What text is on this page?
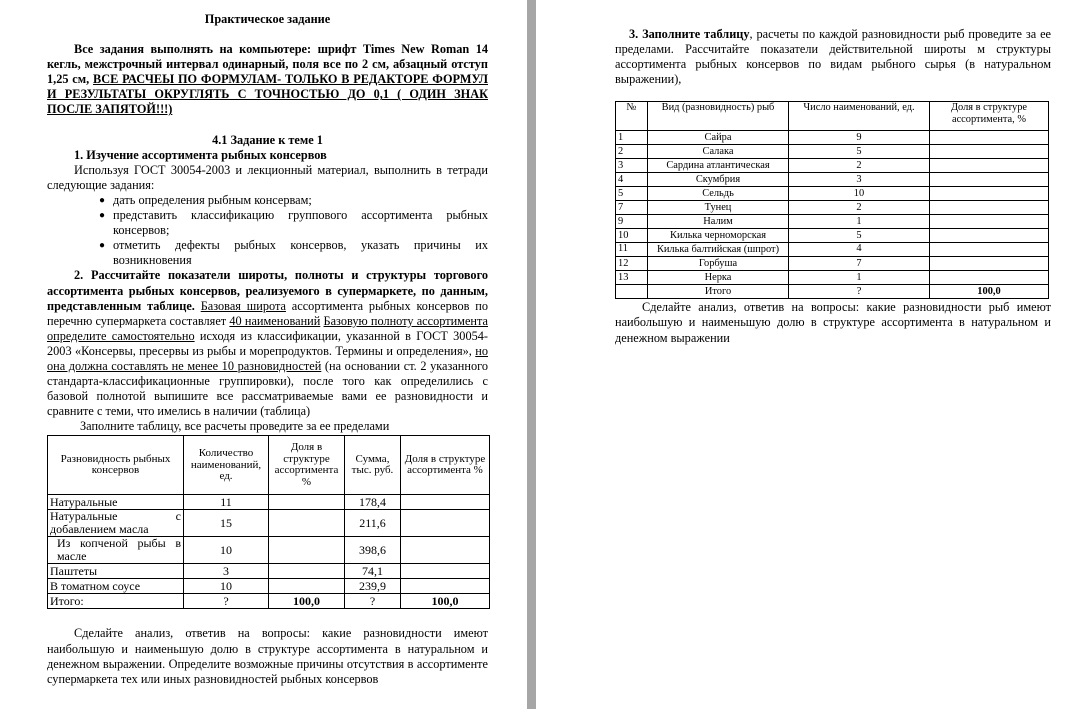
Практическое задание

Все задания выполнять на компьютере: шрифт Times New Roman 14 кегль, межстрочный интервал одинарный, поля все по 2 см, абзацный отступ 1,25 см, ВСЕ РАСЧЕЫ ПО ФОРМУЛАМ- ТОЛЬКО В РЕДАКТОРЕ ФОРМУЛ И РЕЗУЛЬТАТЫ ОКРУГЛЯТЬ С ТОЧНОСТЬЮ ДО 0,1 ( ОДИН ЗНАК ПОСЛЕ ЗАПЯТОЙ!!!)

4.1 Задание к теме 1

1. Изучение ассортимента рыбных консервов

Используя ГОСТ 30054-2003 и лекционный материал, выполнить в тетради следующие задания:

● дать определения рыбным консервам;
● представить классификацию группового ассортимента рыбных консервов;
● отметить дефекты рыбных консервов, указать причины их возникновения

2. Рассчитайте показатели широты, полноты и структуры торгового ассортимента рыбных консервов, реализуемого в супермаркете, по данным, представленным таблице. Базовая широта ассортимента рыбных консервов по перечню супермаркета составляет 40 наименований Базовую полноту ассортимента определите самостоятельно исходя из классификации, указанной в ГОСТ 30054-2003 «Консервы, пресервы из рыбы и морепродуктов. Термины и определения», но она должна составлять не менее 10 разновидностей (на основании ст. 2 указанного стандарта-классификационные группировки), после того как определились с базовой полнотой выпишите все рассматриваемые вами ее разновидности и сравните с теми, что имелись в наличии (таблица)

Заполните таблицу, все расчеты проведите за ее пределами

Разновидность рыбных консервов	Количество наименований, ед.	Доля в структуре ассортимента %	Сумма, тыс. руб.	Доля в структуре ассортимента %
Натуральные	11		178,4	
Натуральные с добавлением масла	15		211,6	
Из копченой рыбы в масле	10		398,6	
Паштеты	3		74,1	
В томатном соусе	10		239,9	
Итого:	?	100,0	?	100,0

Сделайте анализ, ответив на вопросы: какие разновидности имеют наибольшую и наименьшую долю в структуре ассортимента в натуральном и денежном выражении. Определите возможные причины отсутствия в ассортименте супермаркета тех или иных разновидностей рыбных консервов

3. Заполните таблицу, расчеты по каждой разновидности рыб проведите за ее пределами. Рассчитайте показатели действительной широты м структуры ассортимента рыбных консервов по видам рыбного сырья (в натуральном выражении),

№	Вид (разновидность) рыб	Число наименований, ед.	Доля в структуре ассортимента, %
1	Сайра	9	
2	Салака	5	
3	Сардина атлантическая	2	
4	Скумбрия	3	
5	Сельдь	10	
7	Тунец	2	
9	Налим	1	
10	Килька черноморская	5	
11	Килька балтийская (шпрот)	4	
12	Горбуша	7	
13	Нерка	1	
	Итого	?	100,0

Сделайте анализ, ответив на вопросы: какие разновидности рыб имеют наибольшую и наименьшую долю в структуре ассортимента в натуральном и денежном выражении
